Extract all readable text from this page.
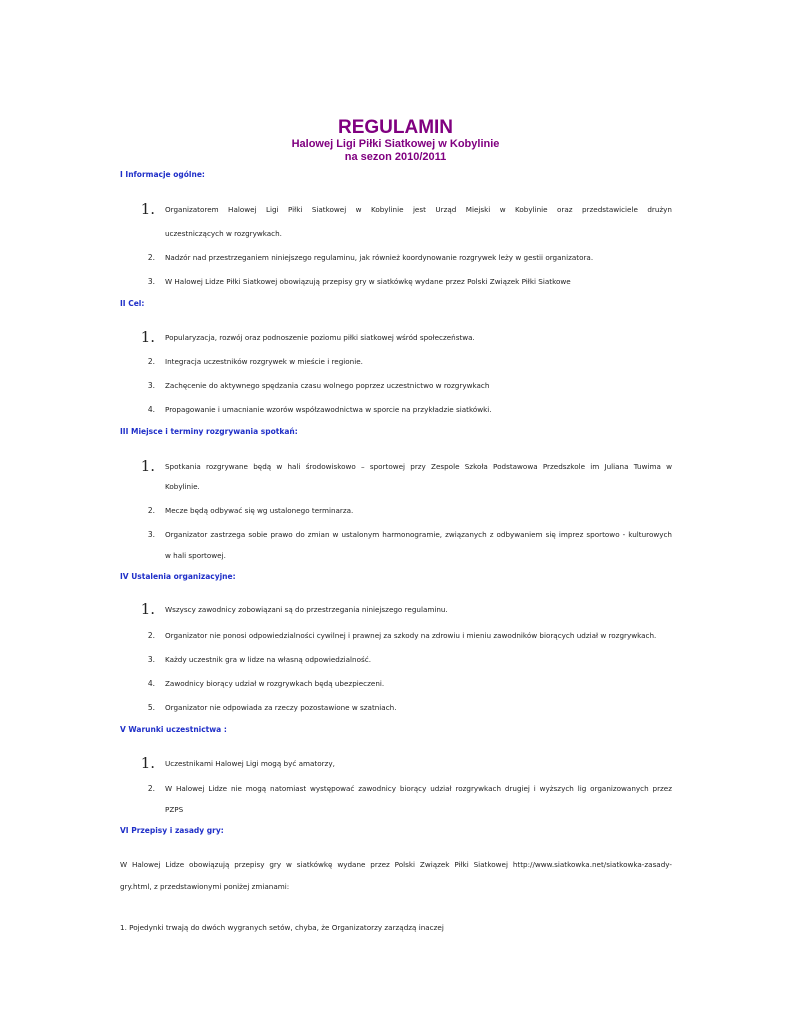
REGULAMIN
Halowej Ligi Piłki Siatkowej w Kobylinie
na sezon 2010/2011
I Informacje ogólne:
1. Organizatorem Halowej Ligi Piłki Siatkowej w Kobylinie jest Urząd Miejski w Kobylinie oraz przedstawiciele drużyn
uczestniczących w rozgrywkach.
2. Nadzór nad przestrzeganiem niniejszego regulaminu, jak również koordynowanie rozgrywek leży w gestii organizatora.
3. W Halowej Lidze Piłki Siatkowej obowiązują przepisy gry w siatkówkę wydane przez Polski Związek Piłki Siatkowe
II Cel:
1. Popularyzacja, rozwój oraz podnoszenie poziomu piłki siatkowej wśród społeczeństwa.
2. Integracja uczestników rozgrywek w mieście i regionie.
3. Zachęcenie do aktywnego spędzania czasu wolnego poprzez uczestnictwo w rozgrywkach
4. Propagowanie i umacnianie wzorów współzawodnictwa w sporcie na przykładzie siatkówki.
III Miejsce i terminy rozgrywania spotkań:
1. Spotkania rozgrywane będą w hali środowiskowo – sportowej przy Zespole Szkoła Podstawowa Przedszkole im Juliana Tuwima w
Kobylinie.
2. Mecze będą odbywać się wg ustalonego terminarza.
3. Organizator zastrzega sobie prawo do zmian w ustalonym harmonogramie, związanych z odbywaniem się imprez sportowo - kulturowych
w hali sportowej.
IV Ustalenia organizacyjne:
1. Wszyscy zawodnicy zobowiązani są do przestrzegania niniejszego regulaminu.
2. Organizator nie ponosi odpowiedzialności cywilnej i prawnej za szkody na zdrowiu i mieniu zawodników biorących udział w rozgrywkach.
3. Każdy uczestnik gra w lidze na własną odpowiedzialność.
4. Zawodnicy biorący udział w rozgrywkach będą ubezpieczeni.
5. Organizator nie odpowiada za rzeczy pozostawione w szatniach.
V Warunki uczestnictwa :
1. Uczestnikami Halowej Ligi mogą być amatorzy,
2. W Halowej Lidze nie mogą natomiast występować zawodnicy biorący udział rozgrywkach drugiej i wyższych lig organizowanych przez
PZPS
VI Przepisy i zasady gry:
W Halowej Lidze obowiązują przepisy gry w siatkówkę wydane przez Polski Związek Piłki Siatkowej http://www.siatkowka.net/siatkowka-zasady-
gry.html, z przedstawionymi poniżej zmianami:
1. Pojedynki trwają do dwóch wygranych setów, chyba, że Organizatorzy zarządzą inaczej
